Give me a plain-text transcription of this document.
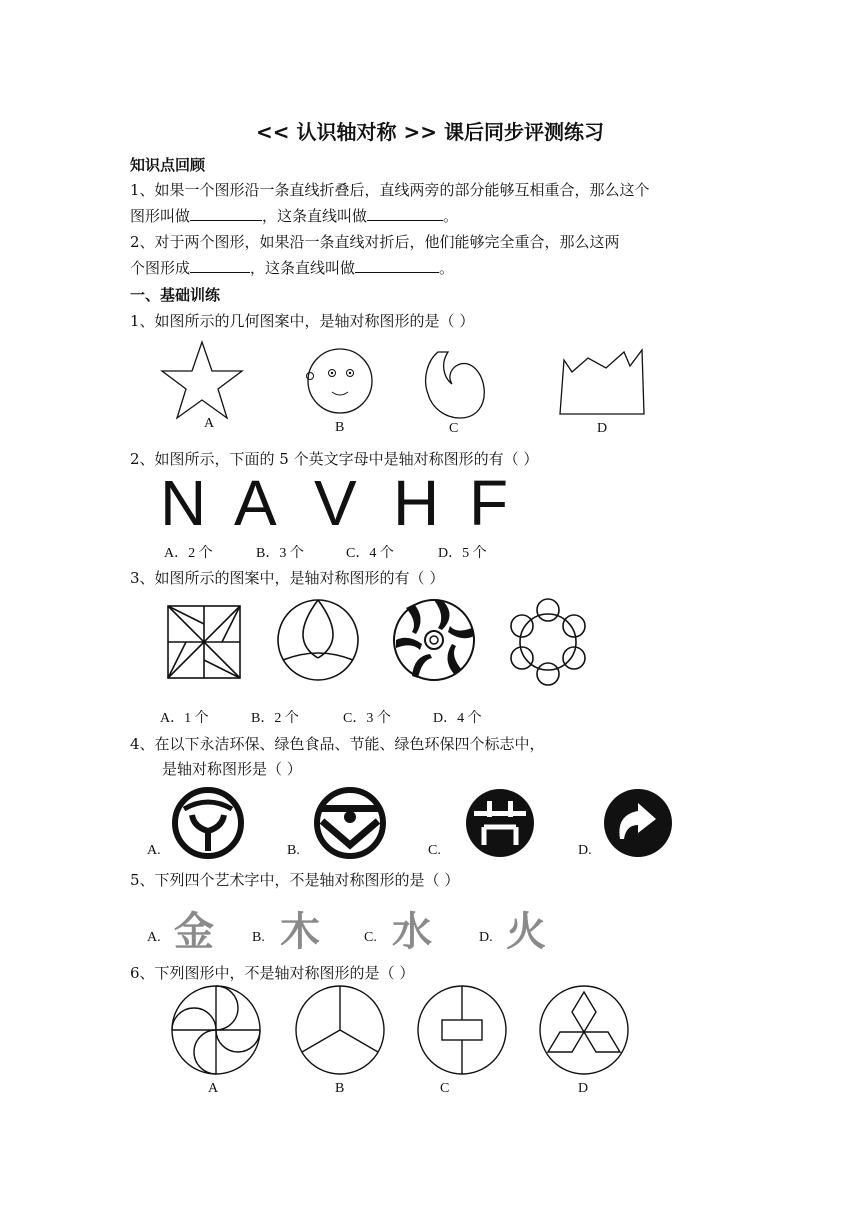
<< 认识轴对称 >> 课后同步评测练习
知识点回顾
1、如果一个图形沿一条直线折叠后，直线两旁的部分能够互相重合，那么这个
图形叫做	，这条直线叫做	。
2、对于两个图形，如果沿一条直线对折后，他们能够完全重合，那么这两
个图形成	，这条直线叫做	。
一、基础训练
1、如图所示的几何图案中，是轴对称图形的是（ ）
A	B	C	D
2、如图所示，下面的 5 个英文字母中是轴对称图形的有（ ）
N A V H F
A．2 个	B．3 个	C．4 个	D．5 个
3、如图所示的图案中，是轴对称图形的有（ ）
A．1 个	B．2 个	C．3 个	D．4 个
4、在以下永洁环保、绿色食品、节能、绿色环保四个标志中，
是轴对称图形是（ ）
A.	B.	C.	D.
5、下列四个艺术字中，不是轴对称图形的是（ ）
A. 金	B. 木	C. 水	D. 火
6、下列图形中，不是轴对称图形的是（ ）
A	B	C	D
